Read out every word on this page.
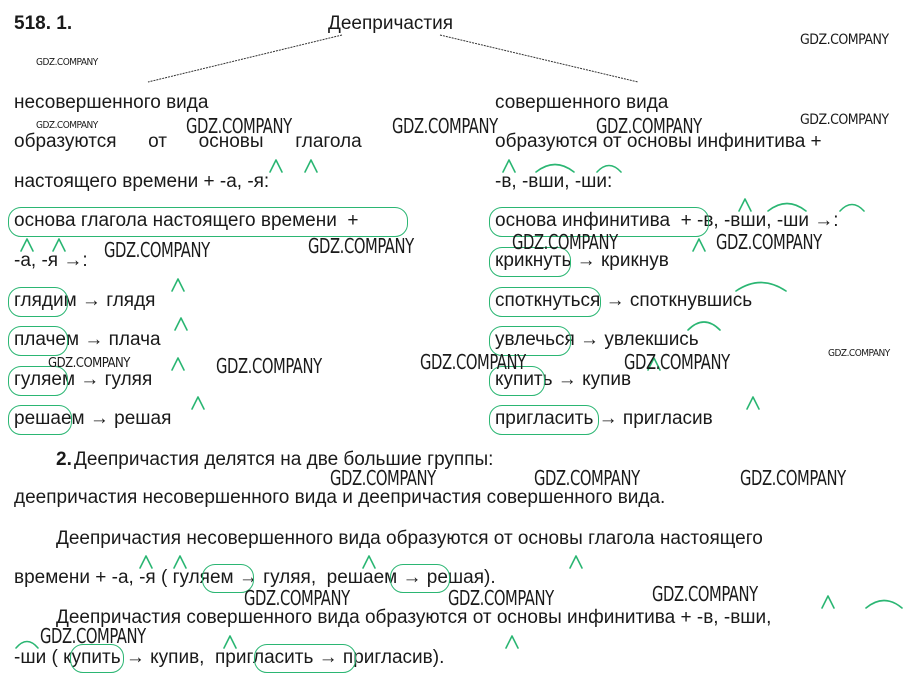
518. 1.	Деепричастия
несовершенного вида
образуются      от      основы      глагола
настоящего времени + -а, -я:
основа глагола настоящего времени  +
-а, -я →:
глядим → глядя
плачем → плача
гуляем → гуляя
решаем → решая
совершенного вида
образуются от основы инфинитива +
-в, -вши, -ши:
основа инфинитива  + -в, -вши, -ши →:
крикнуть → крикнув
споткнуться → споткнувшись
увлечься → увлекшись
купить → купив
пригласить → пригласив
2. Деепричастия делятся на две большие группы:
деепричастия несовершенного вида и деепричастия совершенного вида.
Деепричастия несовершенного вида образуются от основы глагола настоящего
времени + -а, -я ( гуляем → гуляя,  решаем → решая).
Деепричастия совершенного вида образуются от основы инфинитива + -в, -вши,
-ши ( купить → купив,  пригласить → пригласив).
GDZ.COMPANY
GDZ.COMPANY
GDZ.COMPANY
GDZ.COMPANY
GDZ.COMPANY
GDZ.COMPANY
GDZ.COMPANY	GDZ.COMPANY	GDZ.COMPANY
GDZ.COMPANY	GDZ.COMPANY	GDZ.COMPANY	GDZ.COMPANY
GDZ.COMPANY	GDZ.COMPANY	GDZ.COMPANY
GDZ.COMPANY	GDZ.COMPANY	GDZ.COMPANY
GDZ.COMPANY
GDZ.COMPANY	GDZ.COMPANY
GDZ.COMPANY
